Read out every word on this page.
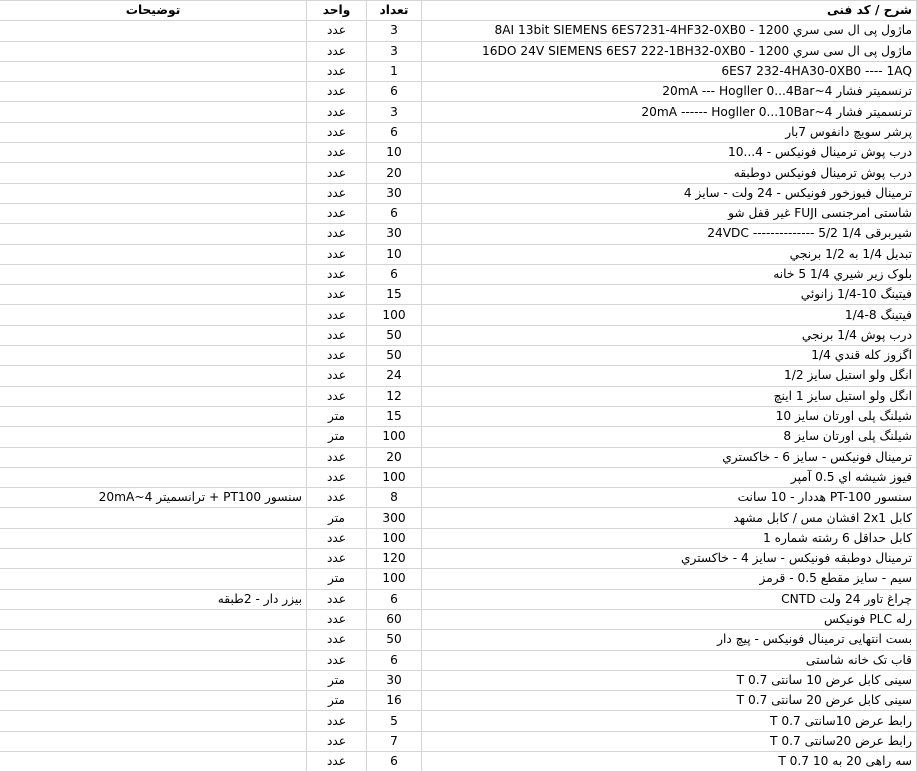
توضیحات	واحد	تعداد	شرح / کد فنی
	عدد	3	ماژول پی ال سی سري 1200 - 8AI 13bit SIEMENS 6ES7231-4HF32-0XB0
	عدد	3	ماژول پی ال سی سري 1200 - 16DO 24V SIEMENS 6ES7 222-1BH32-0XB0
	عدد	1	6ES7 232-4HA30-0XB0 ---- 1AQ
	عدد	6	ترنسمیتر فشار 4~20mA --- Hogller 0...4Bar
	عدد	3	ترنسمیتر فشار 4~20mA ------ Hogller 0...10Bar
	عدد	6	پرشر سویچ دانفوس 7بار
	عدد	10	درب پوش ترمینال فونیکس - 4...10
	عدد	20	درب پوش ترمینال فونیکس دوطبقه
	عدد	30	ترمینال فیوزخور فونیکس - 24 ولت - سایز 4
	عدد	6	شاستی امرجنسی FUJI غیر قفل شو
	عدد	30	شیربرقی 1/4 5/2 -------------- 24VDC
	عدد	10	تبدیل 1/4 به 1/2 برنجي
	عدد	6	بلوک زیر شیري 1/4 5 خانه
	عدد	15	فیتینگ 10-1/4 زانوئي
	عدد	100	فیتینگ 8-1/4
	عدد	50	درب پوش 1/4 برنجي
	عدد	50	اگزوز کله قندي 1/4
	عدد	24	انگل ولو استیل سایز 1/2
	عدد	12	انگل ولو استیل سایز 1 اینچ
	متر	15	شیلنگ پلی اورتان سایز 10
	متر	100	شیلنگ پلی اورتان سایز 8
	عدد	20	ترمینال فونیکس - سایز 6 - خاکستري
	عدد	100	فیوز شیشه اي 0.5 آمپر
سنسور PT100 + ترانسمیتر 4~20mA	عدد	8	سنسور PT-100 هددار - 10 سانت
	متر	300	کابل 2x1 افشان مس / کابل مشهد
	عدد	100	کابل حداقل 6 رشته شماره 1
	عدد	120	ترمینال دوطبقه فونیکس - سایز 4 - خاکستري
	متر	100	سیم - سایز مقطع 0.5 - قرمز
بیزر دار - 2طبقه	عدد	6	چراغ تاور 24 ولت CNTD
	عدد	60	رله PLC فونیکس
	عدد	50	بست انتهایی ترمینال فونیکس - پیچ دار
	عدد	6	قاب تک خانه شاستی
	متر	30	سینی کابل عرض 10 سانتی T 0.7
	متر	16	سینی کابل عرض 20 سانتی T 0.7
	عدد	5	رابط عرض 10سانتی T 0.7
	عدد	7	رابط عرض 20سانتی T 0.7
	عدد	6	سه راهی 20 به 10 T 0.7
